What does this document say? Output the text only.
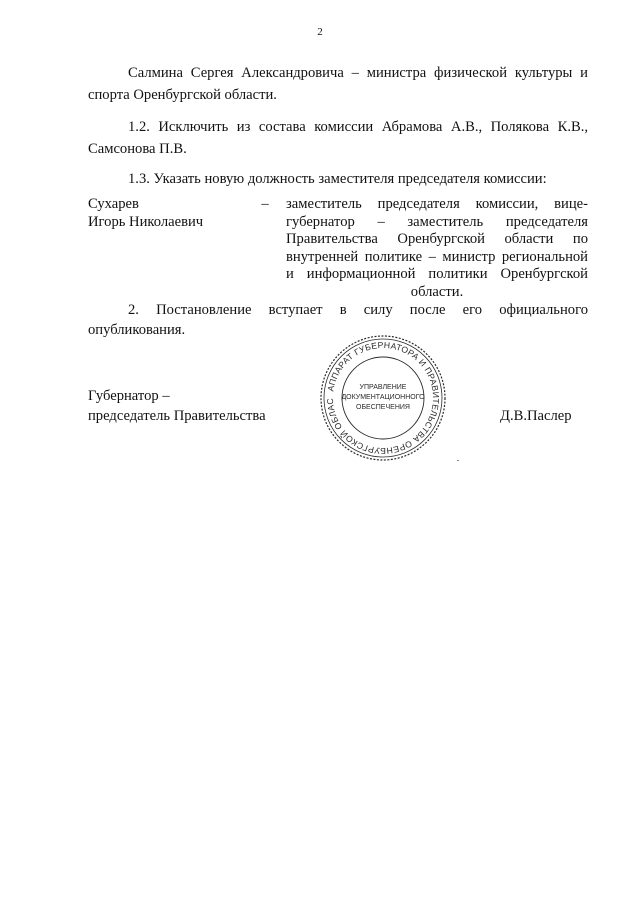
2
Салмина Сергея Александровича – министра физической культуры и спорта Оренбургской области.
1.2. Исключить из состава комиссии Абрамова А.В., Полякова К.В., Самсонова П.В.
1.3. Указать новую должность заместителя председателя комиссии:
Сухарев
Игорь Николаевич
– заместитель председателя комиссии, вице-губернатор – заместитель председателя Правительства Оренбургской области по внутренней политике – министр региональной и информационной политики Оренбургской области.
2. Постановление вступает в силу после его официального опубликования.
Губернатор –
председатель Правительства	Д.В.Паслер
АППАРАТ ГУБЕРНАТОРА И ПРАВИТЕЛЬСТВА ОРЕНБУРГСКОЙ ОБЛАС
УПРАВЛЕНИЕ
ДОКУМЕНТАЦИОННОГО
ОБЕСПЕЧЕНИЯ
